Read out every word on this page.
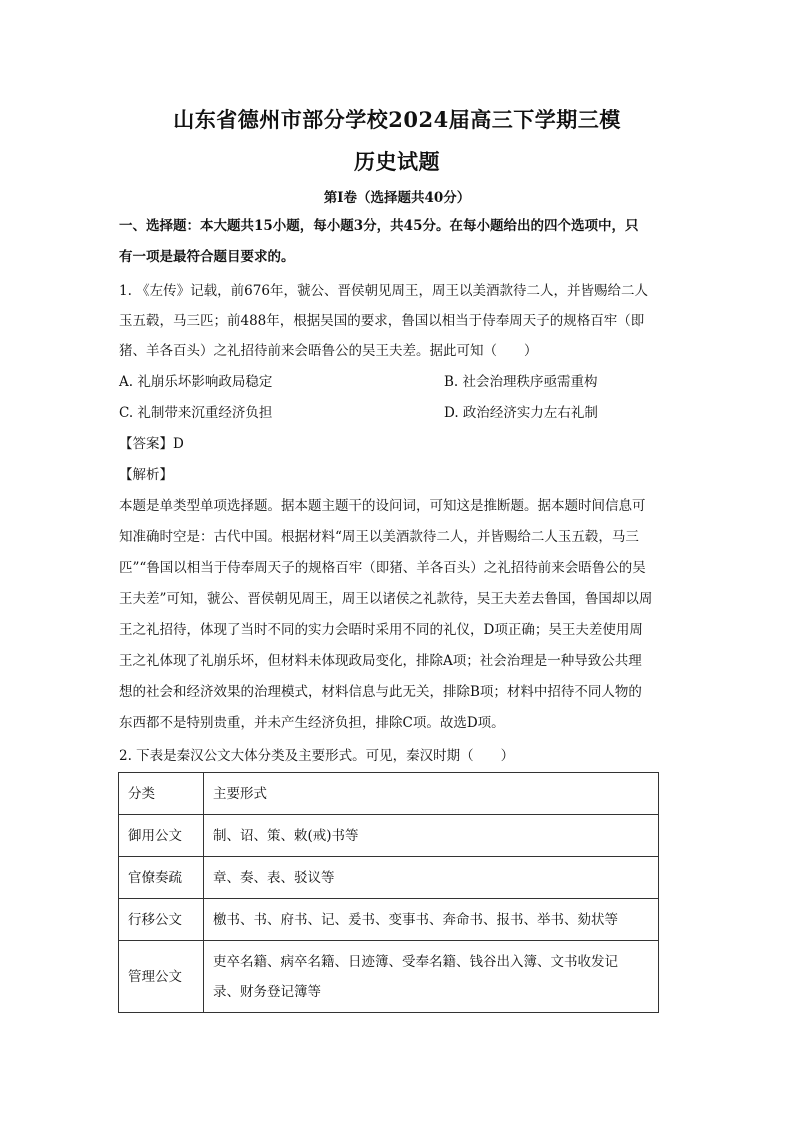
山东省德州市部分学校2024届高三下学期三模
历史试题
第Ⅰ卷（选择题共40分）
一、选择题：本大题共15小题，每小题3分，共45分。在每小题给出的四个选项中，只
有一项是最符合题目要求的。
1. 《左传》记载，前676年，虢公、晋侯朝见周王，周王以美酒款待二人，并皆赐给二人
玉五毂，马三匹；前488年，根据吴国的要求，鲁国以相当于侍奉周天子的规格百牢（即
猪、羊各百头）之礼招待前来会晤鲁公的吴王夫差。据此可知（　　）
A. 礼崩乐坏影响政局稳定	B. 社会治理秩序亟需重构
C. 礼制带来沉重经济负担	D. 政治经济实力左右礼制
【答案】D
【解析】
本题是单类型单项选择题。据本题主题干的设问词，可知这是推断题。据本题时间信息可
知准确时空是：古代中国。根据材料“周王以美酒款待二人，并皆赐给二人玉五毂，马三
匹”“鲁国以相当于侍奉周天子的规格百牢（即猪、羊各百头）之礼招待前来会晤鲁公的吴
王夫差”可知，虢公、晋侯朝见周王，周王以诸侯之礼款待，吴王夫差去鲁国，鲁国却以周
王之礼招待，体现了当时不同的实力会晤时采用不同的礼仪，D项正确；吴王夫差使用周
王之礼体现了礼崩乐坏，但材料未体现政局变化，排除A项；社会治理是一种导致公共理
想的社会和经济效果的治理模式，材料信息与此无关，排除B项；材料中招待不同人物的
东西都不是特别贵重，并未产生经济负担，排除C项。故选D项。
2. 下表是秦汉公文大体分类及主要形式。可见，秦汉时期（　　）
分类	主要形式
御用公文	制、诏、策、敕(戒)书等
官僚奏疏	章、奏、表、驳议等
行移公文	檄书、书、府书、记、爰书、变事书、奔命书、报书、举书、劾状等
管理公文	吏卒名籍、病卒名籍、日迹簿、受奉名籍、钱谷出入簿、文书收发记
录、财务登记簿等
